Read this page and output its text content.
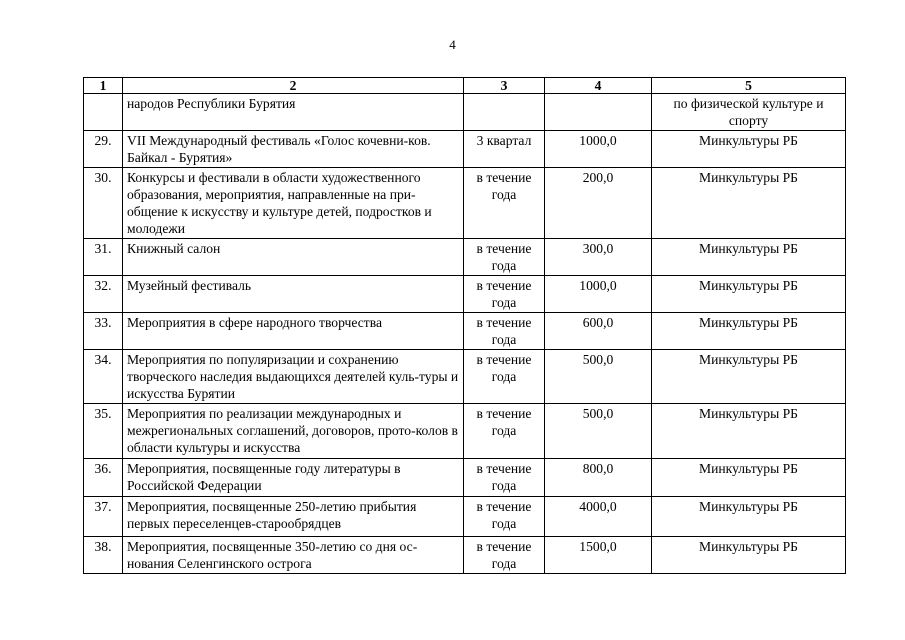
4
1	2	3	4	5
	народов Республики Бурятия			по физической культуре и спорту
29.	VII Международный фестиваль «Голос кочевни-ков. Байкал - Бурятия»	3 квартал	1000,0	Минкультуры РБ
30.	Конкурсы и фестивали в области художественного образования, мероприятия, направленные на при-общение к искусству и культуре детей, подростков и молодежи	в течение года	200,0	Минкультуры РБ
31.	Книжный салон	в течение года	300,0	Минкультуры РБ
32.	Музейный фестиваль	в течение года	1000,0	Минкультуры РБ
33.	Мероприятия в сфере народного творчества	в течение года	600,0	Минкультуры РБ
34.	Мероприятия по популяризации и сохранению творческого наследия выдающихся деятелей куль-туры и искусства Бурятии	в течение года	500,0	Минкультуры РБ
35.	Мероприятия по реализации международных и межрегиональных соглашений, договоров, прото-колов в области культуры и искусства	в течение года	500,0	Минкультуры РБ
36.	Мероприятия, посвященные году литературы в Российской Федерации	в течение года	800,0	Минкультуры РБ
37.	Мероприятия, посвященные 250-летию прибытия первых переселенцев-старообрядцев	в течение года	4000,0	Минкультуры РБ
38.	Мероприятия, посвященные 350-летию со дня ос-нования Селенгинского острога	в течение года	1500,0	Минкультуры РБ
